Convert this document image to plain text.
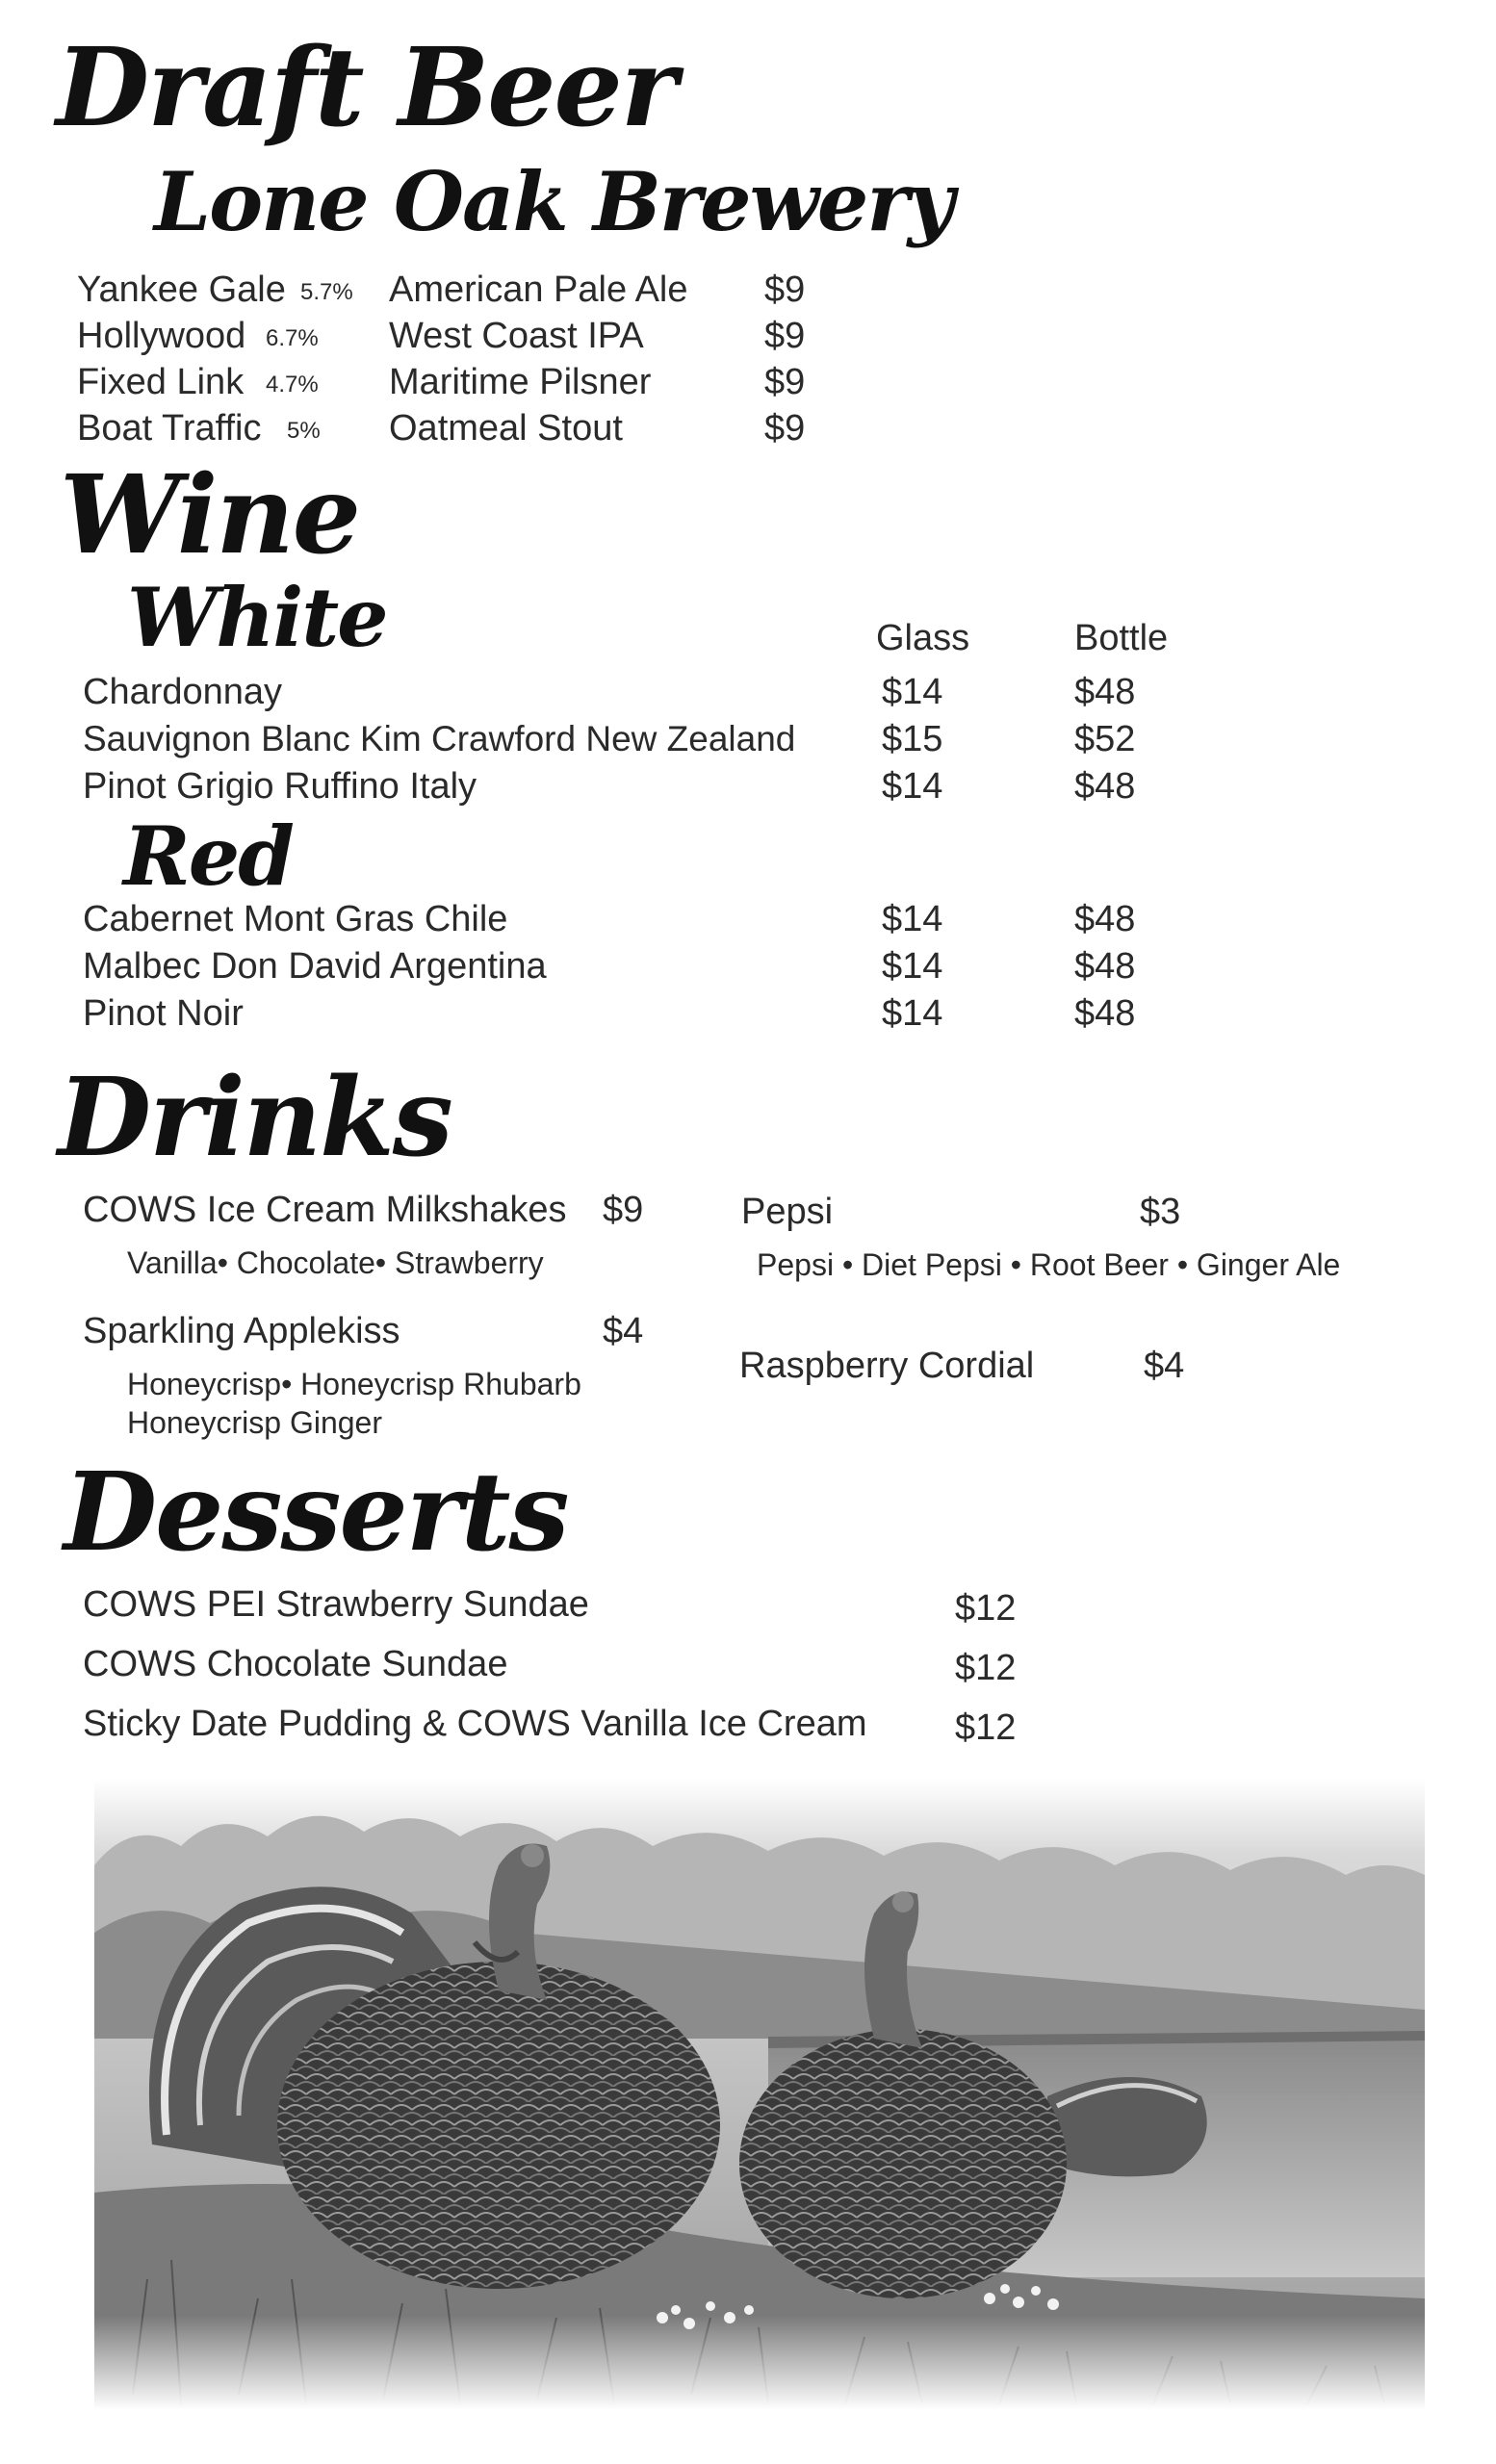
Draft Beer
Lone Oak Brewery
Yankee Gale 5.7% American Pale Ale $9
Hollywood 6.7% West Coast IPA	$9
Fixed Link 4.7% Maritime Pilsner	$9
Boat Traffic 5% Oatmeal Stout	$9
Wine
White	Glass	Bottle
Chardonnay	$14	$48
Sauvignon Blanc Kim Crawford New Zealand $15	$52
Pinot Grigio Ruffino Italy	$14	$48
Red
Cabernet Mont Gras Chile	$14	$48
Malbec Don David Argentina	$14	$48
Pinot Noir	$14	$48
Drinks
COWS Ice Cream Milkshakes $9
Vanilla• Chocolate• Strawberry
Sparkling Applekiss	$4
Honeycrisp• Honeycrisp Rhubarb
Honeycrisp Ginger
Pepsi	$3
Pepsi • Diet Pepsi • Root Beer • Ginger Ale
Raspberry Cordial	$4
Desserts
COWS PEI Strawberry Sundae	$12
COWS Chocolate Sundae	$12
Sticky Date Pudding & COWS Vanilla Ice Cream $12
